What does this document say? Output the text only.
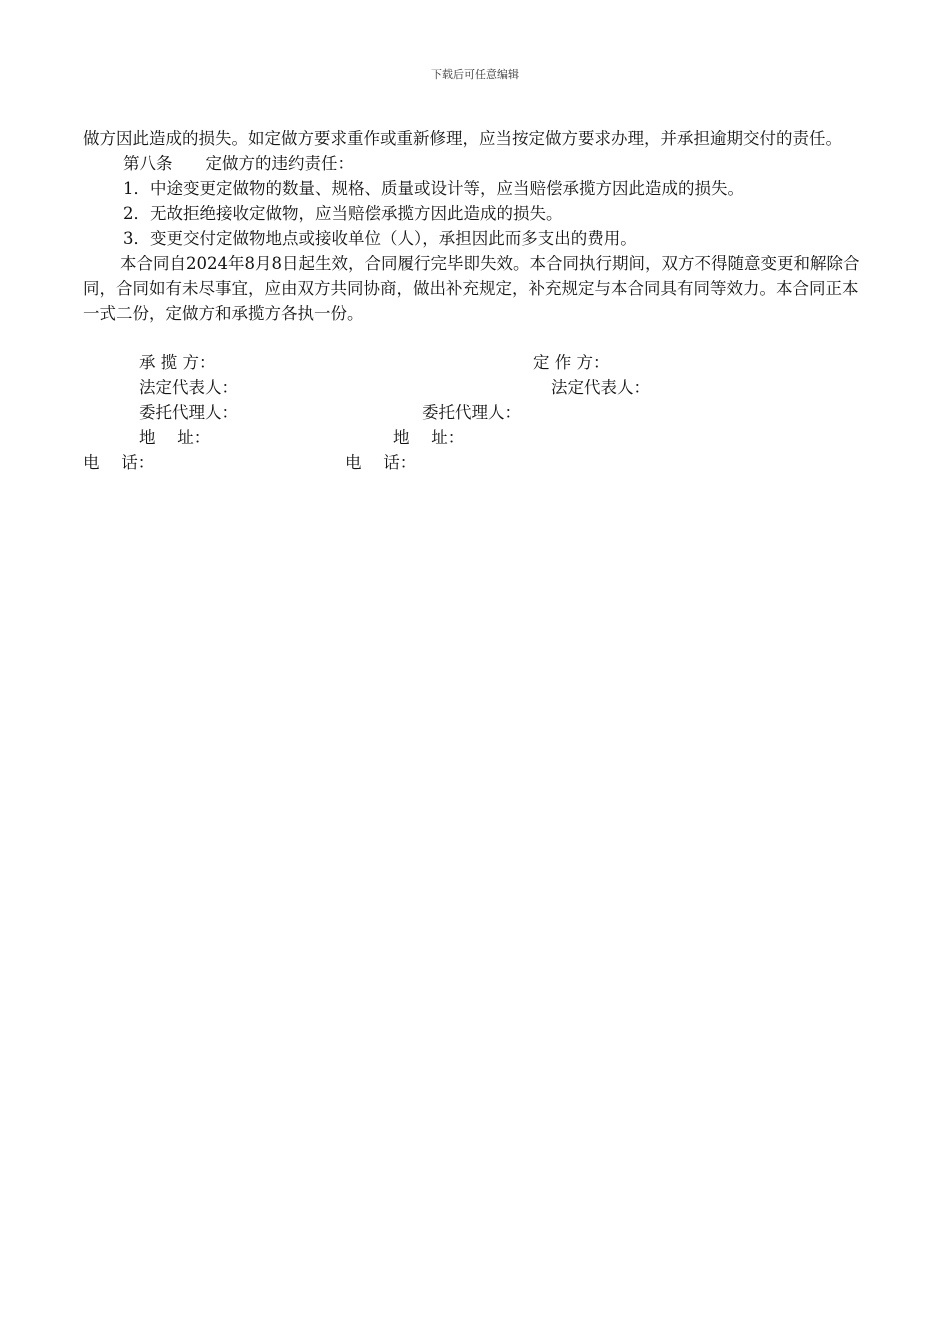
下载后可任意编辑

做方因此造成的损失。如定做方要求重作或重新修理，应当按定做方要求办理，并承担逾期交付的责任。

第八条　　定做方的违约责任：

1．中途变更定做物的数量、规格、质量或设计等，应当赔偿承揽方因此造成的损失。

2．无故拒绝接收定做物，应当赔偿承揽方因此造成的损失。

3．变更交付定做物地点或接收单位（人），承担因此而多支出的费用。

本合同自2024年8月8日起生效，合同履行完毕即失效。本合同执行期间，双方不得随意变更和解除合同，合同如有未尽事宜，应由双方共同协商，做出补充规定，补充规定与本合同具有同等效力。本合同正本一式二份，定做方和承揽方各执一份。

承 揽 方：	定 作 方：
法定代表人：	法定代表人：
委托代理人：	委托代理人：
地　 址：	地　 址：
电　 话：	电　 话：
